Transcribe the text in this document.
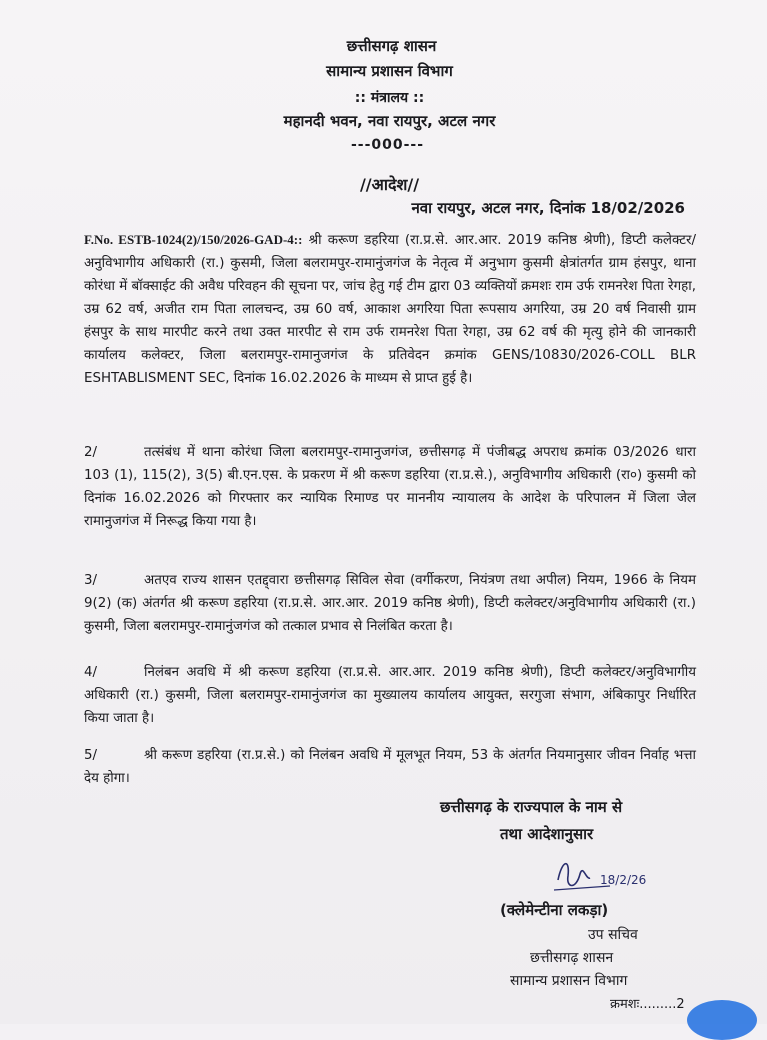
छत्तीसगढ़ शासन
सामान्य प्रशासन विभाग
:: मंत्रालय ::
महानदी भवन, नवा रायपुर, अटल नगर
---000---
//आदेश//
नवा रायपुर, अटल नगर, दिनांक 18/02/2026
F.No. ESTB-1024(2)/150/2026-GAD-4:: श्री करूण डहरिया (रा.प्र.से. आर.आर. 2019 कनिष्ठ श्रेणी), डिप्टी कलेक्टर/अनुविभागीय अधिकारी (रा.) कुसमी, जिला बलरामपुर-रामानुंजगंज के नेतृत्व में अनुभाग कुसमी क्षेत्रांतर्गत ग्राम हंसपुर, थाना कोरंधा में बॉक्साईट की अवैध परिवहन की सूचना पर, जांच हेतु गई टीम द्वारा 03 व्यक्तियों क्रमशः राम उर्फ रामनरेश पिता रेगहा, उम्र 62 वर्ष, अजीत राम पिता लालचन्द, उम्र 60 वर्ष, आकाश अगरिया पिता रूपसाय अगरिया, उम्र 20 वर्ष निवासी ग्राम हंसपुर के साथ मारपीट करने तथा उक्त मारपीट से राम उर्फ रामनरेश पिता रेगहा, उम्र 62 वर्ष की मृत्यु होने की जानकारी कार्यालय कलेक्टर, जिला बलरामपुर-रामानुजगंज के प्रतिवेदन क्रमांक GENS/10830/2026-COLL BLR ESHTABLISMENT SEC, दिनांक 16.02.2026 के माध्यम से प्राप्त हुई है।
2/	तत्संबंध में थाना कोरंधा जिला बलरामपुर-रामानुजगंज, छत्तीसगढ़ में पंजीबद्ध अपराध क्रमांक 03/2026 धारा 103 (1), 115(2), 3(5) बी.एन.एस. के प्रकरण में श्री करूण डहरिया (रा.प्र.से.), अनुविभागीय अधिकारी (रा०) कुसमी को दिनांक 16.02.2026 को गिरफ्तार कर न्यायिक रिमाण्ड पर माननीय न्यायालय के आदेश के परिपालन में जिला जेल रामानुजगंज में निरूद्ध किया गया है।
3/	अतएव राज्य शासन एतद्द्वारा छत्तीसगढ़ सिविल सेवा (वर्गीकरण, नियंत्रण तथा अपील) नियम, 1966 के नियम 9(2) (क) अंतर्गत श्री करूण डहरिया (रा.प्र.से. आर.आर. 2019 कनिष्ठ श्रेणी), डिप्टी कलेक्टर/अनुविभागीय अधिकारी (रा.) कुसमी, जिला बलरामपुर-रामानुंजगंज को तत्काल प्रभाव से निलंबित करता है।
4/	निलंबन अवधि में श्री करूण डहरिया (रा.प्र.से. आर.आर. 2019 कनिष्ठ श्रेणी), डिप्टी कलेक्टर/अनुविभागीय अधिकारी (रा.) कुसमी, जिला बलरामपुर-रामानुंजगंज का मुख्यालय कार्यालय आयुक्त, सरगुजा संभाग, अंबिकापुर निर्धारित किया जाता है।
5/	श्री करूण डहरिया (रा.प्र.से.) को निलंबन अवधि में मूलभूत नियम, 53 के अंतर्गत नियमानुसार जीवन निर्वाह भत्ता देय होगा।
छत्तीसगढ़ के राज्यपाल के नाम से
तथा आदेशानुसार
18/2/26
(क्लेमेन्टीना लकड़ा)
उप सचिव
छत्तीसगढ़ शासन
सामान्य प्रशासन विभाग
क्रमशः.........2
